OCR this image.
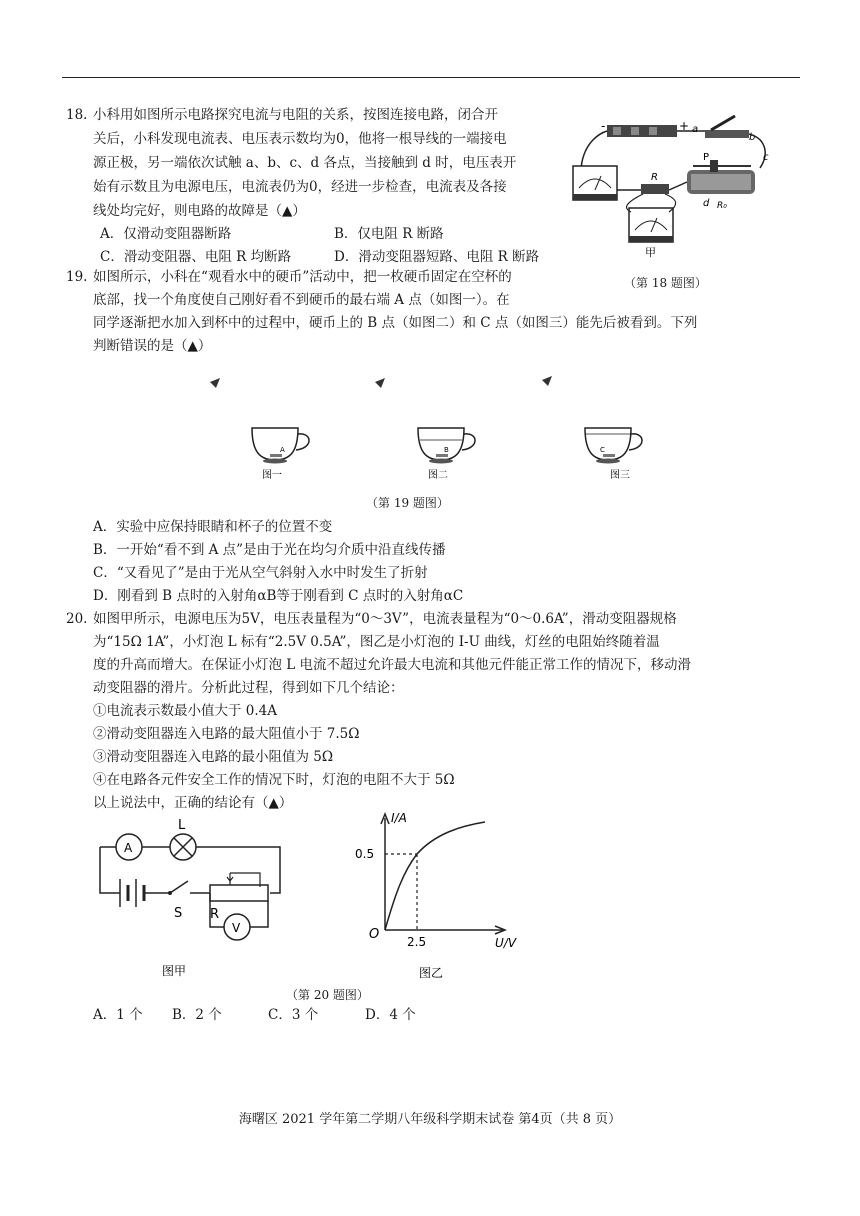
18. 小科用如图所示电路探究电流与电阻的关系，按图连接电路，闭合开
关后，小科发现电流表、电压表示数均为0，他将一根导线的一端接电
源正极，另一端依次试触 a、b、c、d 各点，当接触到 d 时，电压表开
始有示数且为电源电压，电流表仍为0，经进一步检查，电流表及各接
线处均完好，则电路的故障是（▲）
A．仅滑动变阻器断路	B．仅电阻 R 断路
C．滑动变阻器、电阻 R 均断路	D．滑动变阻器短路、电阻 R 断路
-	+ a
b
c
P
d R₀
R
甲
（第 18 题图）
19. 如图所示，小科在“观看水中的硬币”活动中，把一枚硬币固定在空杯的
底部，找一个角度使自己刚好看不到硬币的最右端 A 点（如图一）。在
同学逐渐把水加入到杯中的过程中，硬币上的 B 点（如图二）和 C 点（如图三）能先后被看到。下列
判断错误的是（▲）
A
图一
B
图二
C
图三
（第 19 题图）
A．实验中应保持眼睛和杯子的位置不变
B．一开始“看不到 A 点”是由于光在均匀介质中沿直线传播
C．“又看见了”是由于光从空气斜射入水中时发生了折射
D．刚看到 B 点时的入射角αB等于刚看到 C 点时的入射角αC
20. 如图甲所示，电源电压为5V，电压表量程为“0～3V”，电流表量程为“0～0.6A”，滑动变阻器规格
为“15Ω 1A”，小灯泡 L 标有“2.5V 0.5A”，图乙是小灯泡的 I-U 曲线，灯丝的电阻始终随着温
度的升高而增大。在保证小灯泡 L 电流不超过允许最大电流和其他元件能正常工作的情况下，移动滑
动变阻器的滑片。分析此过程，得到如下几个结论：
①电流表示数最小值大于 0.4A
②滑动变阻器连入电路的最大阻值小于 7.5Ω
③滑动变阻器连入电路的最小阻值为 5Ω
④在电路各元件安全工作的情况下时，灯泡的电阻不大于 5Ω
以上说法中，正确的结论有（▲）
A
L
S R
V
图甲
I/A
U/V
O
0.5
2.5
图乙
（第 20 题图）
A．1 个 B．2 个	C．3 个	D．4 个
海曙区 2021 学年第二学期八年级科学期末试卷 第4页（共 8 页）
